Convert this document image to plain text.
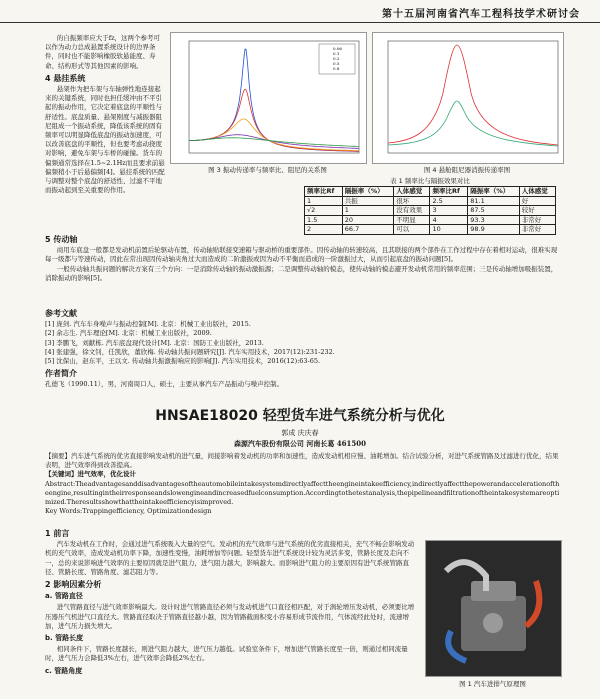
第十五届河南省汽车工程科技学术研讨会

的自振频率应大于fz，这两个参考可以作为动力总成悬置系统设计的边界条件，同时也不能影响橡胶软悬能度、寿命、结构形式等其他因素的影响。

4 悬挂系统

悬架作为把车架与车轴弹性地连接起来的关键系统，同时也担任缓冲由不平引起的振动作用，它决定着底盘的平顺性与舒适性。底盘质量、悬架刚度与减振器阻尼组成一个振动系统，降低该系统的固有频率可以明显降低底盘的振动加速度，可以改善底盘的平顺性，但也要考虑动挠度对影响，避免车架与车桥的碰撞。货车的偏频通常选择在1.5~2.1Hz而且要求前悬偏频稍小于后悬偏频[4]。悬挂系统的匹配与调整对整个底盘的舒适性、过滤不平地而振动起到至关重要的作用。

0.06
0.1
0.2
0.5
0.8
图 3 振动传递率与频率比、阻尼的关系图	图 4 悬舱阻尼器消振传递率图
表 1 频率比与隔振效果对比
频率比Rf	隔振率（%）	人体感觉	频率比Rf	隔振率（%）	人体感觉
1	共振	很坏	2.5	81.1	好
√2	1	没有效果	3	87.5	较好
1.5	20	不明显	4	93.3	非常好
2	66.7	可以	10	98.9	非常好
5 传动轴

商用车底盘一般都是发动机前置后轮驱动布置，传动轴贴联接变速箱与驱动桥的重要部件。因传动轴的转速较高，且其联接的两个部件在工作过程中存在着相对运动，很难实现每一级都与等速传动，因此在常出现因传动轴夹角过大而造成的二阶激振或因为动不平衡而造成的一阶激振过大，从而引起底盘的振动问题[5]。

一般传动轴共振问题的解决方案有三个方向：一是消除传动轴的振动激振源；二是调整传动轴的模态，使传动轴的模态避开发动机常用的频率范围；三是传动轴增加吸振装置，消除振动的影响[5]。

参考文献
[1] 庞剑. 汽车车身噪声与振动控制[M]. 北京：机械工业出版社，2015.
[2] 余志生. 汽车理论[M]. 北京：机械工业出版社，2009.
[3] 李鹏飞，刘献栋. 汽车底盘现代设计[M]. 北京：国防工业出版社，2013.
[4] 张建强，徐文钊，任凯欣，董欣梅. 传动轴共振问题研究[J]. 汽车实用技术，2017(12):231-232.
[5] 沈保山，赵东平，王以文. 传动轴共振激振响应的影响[J]. 汽车实用技术，2016(12):63-65.
作者简介
孔德飞（1990.11），男，河南周口人，硕士，主要从事汽车产品振动与噪声控制。
HNSAE18020 轻型货车进气系统分析与优化
郭成 庆庆春
森源汽车股份有限公司 河南长葛 461500

【摘要】汽车进气系统的优劣直接影响发动机的进气量，间接影响着发动机的功率和加速性，造成发动机相应慢、油耗增加。结合试验分析，对进气系统管路及过滤进行优化，结果表明，进气效率得到改善提高。

【关键词】进气效率，优化设计

Abstract:Theadvantagesanddisadvantagesoftheautomobileintakesystemdirectlyaffecttheengineintakeefficiency,indirectlyaffectthepowerandaccelerationoftheengine,resultingintheirresponseandslowengineandincreasedfuelconsumption.Accordingtothetestanalysis,thepipelineandfiltrationoftheintakesystemareoptimized.Theresultsshowthattheintakeefficiencyisimproved.

Key Words:Trappingefficiency, Optimizationdesign

1 前言

汽车发动机在工作时，会通过进气系统吸入大量的空气。发动机的充气效率与进气系统的优劣直接相关，充气不畅会影响发动机的充气效率，造成发动机功率下降，加速性变慢，油耗增加等问题。轻型货车进气系统设计较为灵活多变，管路长度及走向不一，总的来说影响进气效率的主要原因就是进气阻力，进气阻力越大，影响越大。而影响进气阻力的主要原因有进气系统管路直径、管路长度、管路角度、滤芯阻力等。

2 影响因素分析
a. 管路直径

进气管路直径与进气效率影响最大。设计时进气管路直径必须与发动机进气口直径相匹配，对于涡轮增压发动机，必须要比增压器压气机进气口直径大。管路直径取决于管路直径越小越，因为管路截面积变小容易形成节流作用，气体流经此处时，流速增加，进气压力损失增大。

b. 管路长度

相同条件下，管路长度越长，则进气阻力越大，进气压力越低。试验室条件下，增加进气管路长度至一倍，则通过相同流量时，进气压力会降低3%左右，进气效率会降低2%左右。

c. 管路角度
图 1 汽车进排气原理图
